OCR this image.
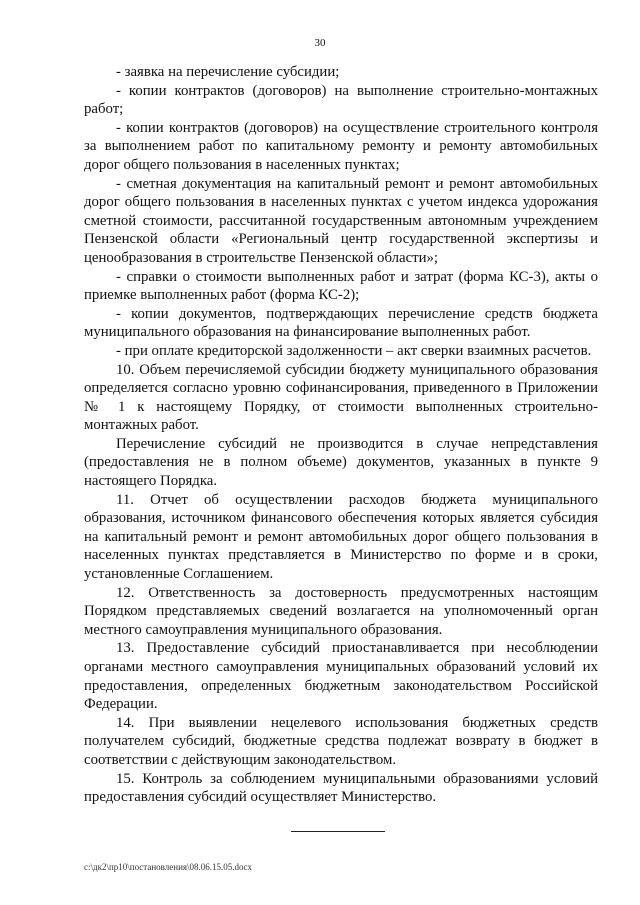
30

- заявка на перечисление субсидии;

- копии контрактов (договоров) на выполнение строительно-монтажных работ;

- копии контрактов (договоров) на осуществление строительного контроля за выполнением работ по капитальному ремонту и ремонту автомобильных дорог общего пользования в населенных пунктах;

- сметная документация на капитальный ремонт и ремонт автомобильных дорог общего пользования в населенных пунктах с учетом индекса удорожания сметной стоимости, рассчитанной государственным автономным учреждением Пензенской области «Региональный центр государственной экспертизы и ценообразования в строительстве Пензенской области»;

- справки о стоимости выполненных работ и затрат (форма КС-3), акты о приемке выполненных работ (форма КС-2);

- копии документов, подтверждающих перечисление средств бюджета муниципального образования на финансирование выполненных работ.

- при оплате кредиторской задолженности – акт сверки взаимных расчетов.

10. Объем перечисляемой субсидии бюджету муниципального образования определяется согласно уровню софинансирования, приведенного в Приложении № 1 к настоящему Порядку, от стоимости выполненных строительно-монтажных работ.

Перечисление субсидий не производится в случае непредставления (предоставления не в полном объеме) документов, указанных в пункте 9 настоящего Порядка.

11. Отчет об осуществлении расходов бюджета муниципального образования, источником финансового обеспечения которых является субсидия на капитальный ремонт и ремонт автомобильных дорог общего пользования в населенных пунктах представляется в Министерство по форме и в сроки, установленные Соглашением.

12. Ответственность за достоверность предусмотренных настоящим Порядком представляемых сведений возлагается на уполномоченный орган местного самоуправления муниципального образования.

13. Предоставление субсидий приостанавливается при несоблюдении органами местного самоуправления муниципальных образований условий их предоставления, определенных бюджетным законодательством Российской Федерации.

14. При выявлении нецелевого использования бюджетных средств получателем субсидий, бюджетные средства подлежат возврату в бюджет в соответствии с действующим законодательством.

15. Контроль за соблюдением муниципальными образованиями условий предоставления субсидий осуществляет Министерство.

c:\дк2\пр10\постановления\08.06.15.05.docx
